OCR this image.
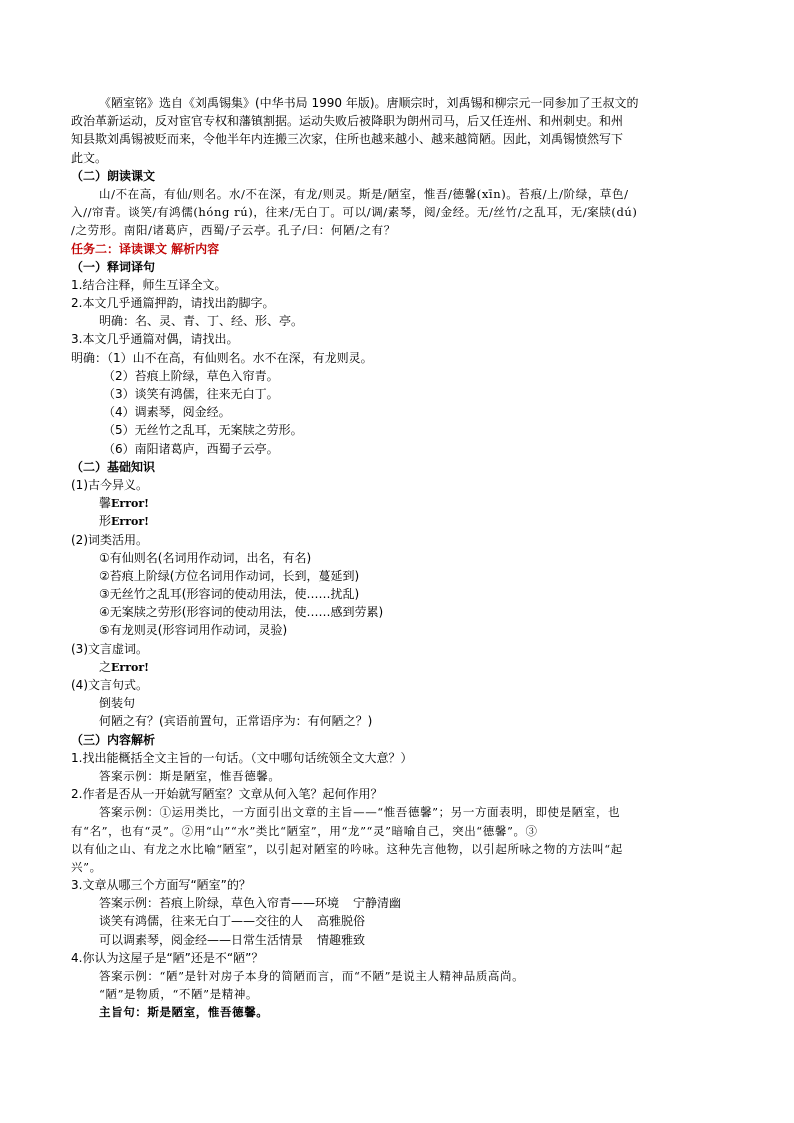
《陋室铭》选自《刘禹锡集》(中华书局 1990 年版)。唐顺宗时，刘禹锡和柳宗元一同参加了王叔文的
政治革新运动，反对宦官专权和藩镇割据。运动失败后被降职为朗州司马，后又任连州、和州刺史。和州
知县欺刘禹锡被贬而来，令他半年内连搬三次家，住所也越来越小、越来越简陋。因此，刘禹锡愤然写下
此文。
（二）朗读课文
山/不在高，有仙/则名。水/不在深，有龙/则灵。斯是/陋室，惟吾/德馨(xīn)。苔痕/上/阶绿，草色/
入//帘青。谈笑/有鸿儒(hóng rú)，往来/无白丁。可以/调/素琴，阅/金经。无/丝竹/之乱耳，无/案牍(dú)
/之劳形。南阳/诸葛庐，西蜀/子云亭。孔子/曰：何陋/之有？
任务二：译读课文 解析内容
（一）释词译句
1.结合注释，师生互译全文。
2.本文几乎通篇押韵，请找出韵脚字。
明确：名、灵、青、丁、经、形、亭。
3.本文几乎通篇对偶，请找出。
明确：（1）山不在高，有仙则名。水不在深，有龙则灵。
（2）苔痕上阶绿，草色入帘青。
（3）谈笑有鸿儒，往来无白丁。
（4）调素琴，阅金经。
（5）无丝竹之乱耳，无案牍之劳形。
（6）南阳诸葛庐，西蜀子云亭。
（二）基础知识
(1)古今异义。
馨Error!
形Error!
(2)词类活用。
①有仙则名(名词用作动词，出名，有名)
②苔痕上阶绿(方位名词用作动词，长到，蔓延到)
③无丝竹之乱耳(形容词的使动用法，使……扰乱)
④无案牍之劳形(形容词的使动用法，使……感到劳累)
⑤有龙则灵(形容词用作动词，灵验)
(3)文言虚词。
之Error!
(4)文言句式。
倒装句
何陋之有？(宾语前置句，正常语序为：有何陋之？)
（三）内容解析
1.找出能概括全文主旨的一句话。（文中哪句话统领全文大意？）
答案示例：斯是陋室，惟吾德馨。
2.作者是否从一开始就写陋室？文章从何入笔？起何作用？
答案示例：①运用类比，一方面引出文章的主旨——“惟吾德馨”；另一方面表明，即使是陋室，也
有“名”，也有“灵”。②用“山”“水”类比“陋室”，用“龙”“灵”暗喻自己，突出“德馨”。③
以有仙之山、有龙之水比喻“陋室”，以引起对陋室的吟咏。这种先言他物，以引起所咏之物的方法叫“起
兴”。
3.文章从哪三个方面写“陋室”的？
答案示例：苔痕上阶绿，草色入帘青——环境 宁静清幽
谈笑有鸿儒，往来无白丁——交往的人 高雅脱俗
可以调素琴，阅金经——日常生活情景 情趣雅致
4.你认为这屋子是“陋”还是不“陋”？
答案示例：“陋”是针对房子本身的简陋而言，而“不陋”是说主人精神品质高尚。
“陋”是物质，“不陋”是精神。
主旨句：斯是陋室，惟吾德馨。
